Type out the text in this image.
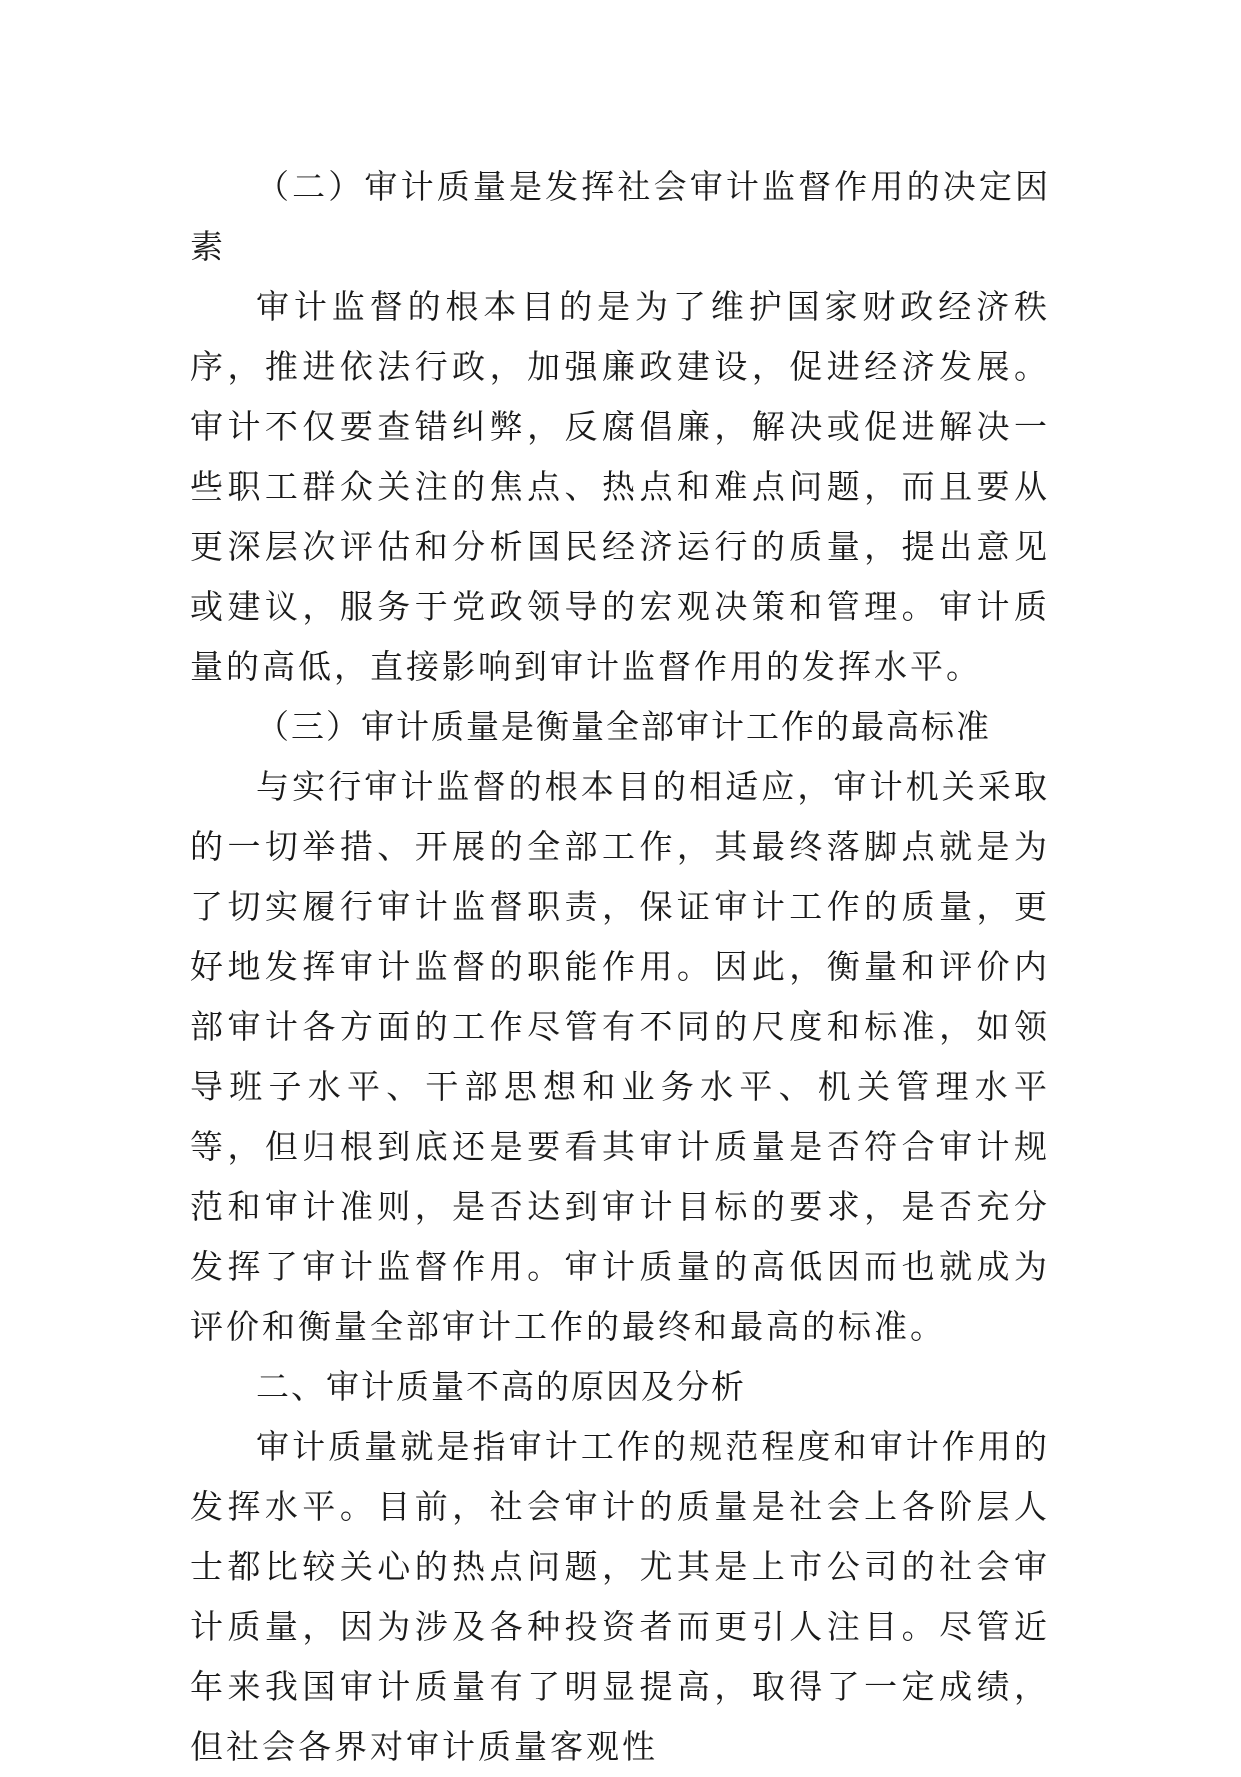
（二）审计质量是发挥社会审计监督作用的决定因素

审计监督的根本目的是为了维护国家财政经济秩序，推进依法行政，加强廉政建设，促进经济发展。审计不仅要查错纠弊，反腐倡廉，解决或促进解决一些职工群众关注的焦点、热点和难点问题，而且要从更深层次评估和分析国民经济运行的质量，提出意见或建议，服务于党政领导的宏观决策和管理。审计质量的高低，直接影响到审计监督作用的发挥水平。

（三）审计质量是衡量全部审计工作的最高标准

与实行审计监督的根本目的相适应，审计机关采取的一切举措、开展的全部工作，其最终落脚点就是为了切实履行审计监督职责，保证审计工作的质量，更好地发挥审计监督的职能作用。因此，衡量和评价内部审计各方面的工作尽管有不同的尺度和标准，如领导班子水平、干部思想和业务水平、机关管理水平等，但归根到底还是要看其审计质量是否符合审计规范和审计准则，是否达到审计目标的要求，是否充分发挥了审计监督作用。审计质量的高低因而也就成为评价和衡量全部审计工作的最终和最高的标准。

二、审计质量不高的原因及分析

审计质量就是指审计工作的规范程度和审计作用的发挥水平。目前，社会审计的质量是社会上各阶层人士都比较关心的热点问题，尤其是上市公司的社会审计质量，因为涉及各种投资者而更引人注目。尽管近年来我国审计质量有了明显提高，取得了一定成绩，但社会各界对审计质量客观性
